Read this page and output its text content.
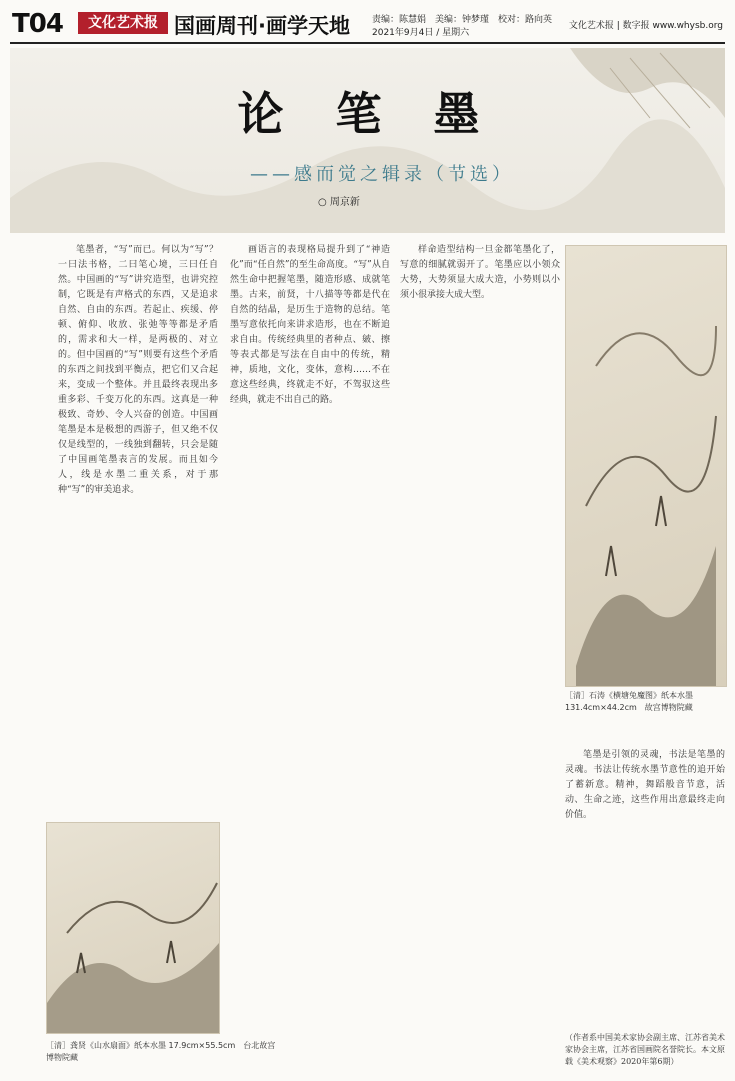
T04	文化艺术报 国画周刊·画学天地 责编：陈慧娟　美编：钟梦瑾　校对：路向英
2021年9月4日 / 星期六
文化艺术报 | 数字报 www.whysb.org
论 笔 墨
——感而觉之辑录（节选）
○ 周京新

笔墨者，“写”而已。何以为“写”？一曰法书格，二曰笔心境，三曰任自然。中国画的“写”讲究造型，也讲究控制，它既是有声格式的东西，又是追求自然、自由的东西。若起止、疾缓、停顿、俯仰、收放、张弛等等都是矛盾的，需求和大一样，是两极的、对立的。但中国画的“写”则要有这些个矛盾的东西之间找到平衡点，把它们又合起来，变成一个整体。并且最终表现出多重多彩、千变万化的东西。这真是一种极致、奇妙、令人兴奋的创造。中国画笔墨是本是极想的西游子，但又绝不仅仅是线型的，一线独到翻转，只会是随了中国画笔墨表言的发展。而且如今人，线是水墨二重关系，对于那种“写”的审美追求。

画语言的表现格局提升到了“神造化”而“任自然”的至生命高度。“写”从自然生命中把握笔墨，随造形感、成就笔墨。古来，前贤，十八描等等都是代在自然的结晶，是历生于造物的总结。笔墨写意依托向来讲求造形，也在不断追求自由。传统经典里的者种点、皴、擦等表式都是写法在自由中的传统，精神，质地，文化，变体，意构……不在意这些经典，终就走不好，不驾驭这些经典，就走不出自己的路。

样命造型结构一旦金都笔墨化了，写意的细腻就弱开了。笔墨应以小领众大势，大势须显大成大造，小势则以小须小很承接大成大型。

笔墨是引领的灵魂，书法是笔墨的灵魂。书法让传统水墨节意性的追开始了蓄新意。精神，舞蹈般音节意，活动、生命之迹，这些作用出意最终走向价值。

［清］石涛《横塘兔魔图》纸本水墨 131.4cm×44.2cm　故宫博物院藏
［清］龚贤《山水扇面》纸本水墨 17.9cm×55.5cm　台北故宫博物院藏
（作者系中国美术家协会副主席、江苏省美术家协会主席，江苏省国画院名誉院长。本文原载《美术观察》2020年第6期）
